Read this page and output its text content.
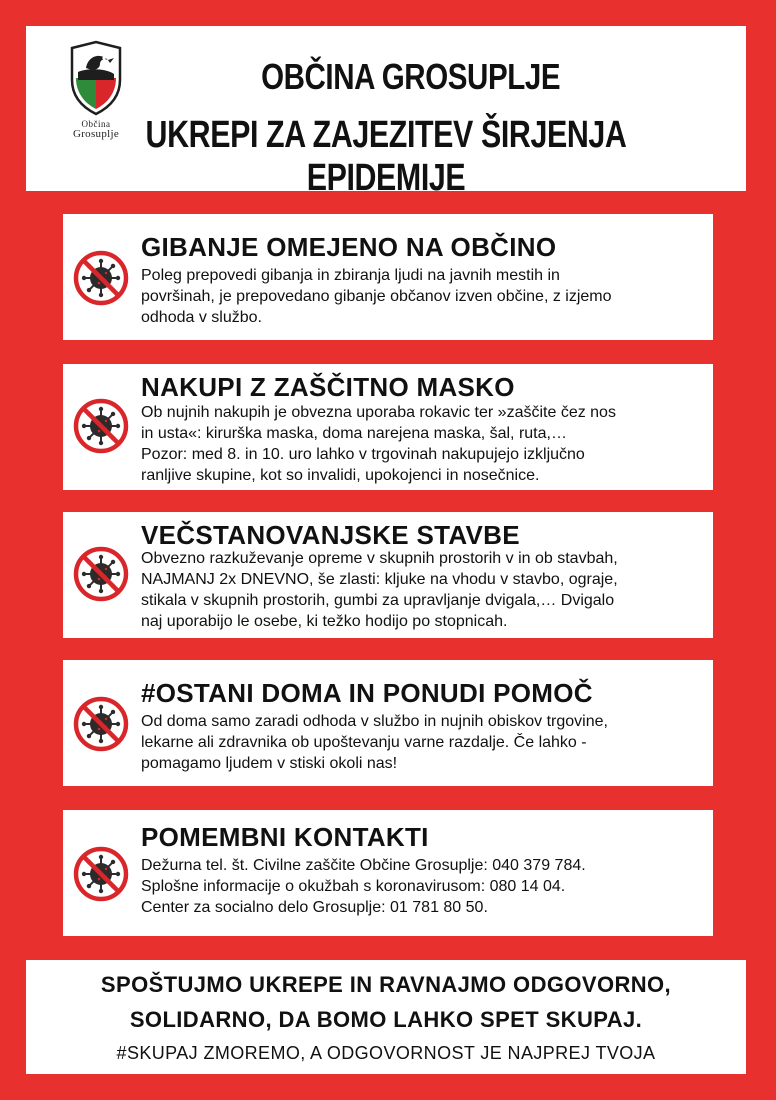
Občina
Grosuplje
OBČINA GROSUPLJE
UKREPI ZA ZAJEZITEV ŠIRJENJA EPIDEMIJE
GIBANJE OMEJENO NA OBČINO
Poleg prepovedi gibanja in zbiranja ljudi na javnih mestih in
površinah, je prepovedano gibanje občanov izven občine, z izjemo
odhoda v službo.
NAKUPI Z ZAŠČITNO MASKO
Ob nujnih nakupih je obvezna uporaba rokavic ter »zaščite čez nos
in usta«: kirurška maska, doma narejena maska, šal, ruta,…
Pozor: med 8. in 10. uro lahko v trgovinah nakupujejo izključno
ranljive skupine, kot so invalidi, upokojenci in nosečnice.
VEČSTANOVANJSKE STAVBE
Obvezno razkuževanje opreme v skupnih prostorih v in ob stavbah,
NAJMANJ 2x DNEVNO, še zlasti: kljuke na vhodu v stavbo, ograje,
stikala v skupnih prostorih, gumbi za upravljanje dvigala,… Dvigalo
naj uporabijo le osebe, ki težko hodijo po stopnicah.
#OSTANI DOMA IN PONUDI POMOČ
Od doma samo zaradi odhoda v službo in nujnih obiskov trgovine,
lekarne ali zdravnika ob upoštevanju varne razdalje. Če lahko -
pomagamo ljudem v stiski okoli nas!
POMEMBNI KONTAKTI
Dežurna tel. št. Civilne zaščite Občine Grosuplje: 040 379 784.
Splošne informacije o okužbah s koronavirusom: 080 14 04.
Center za socialno delo Grosuplje: 01 781 80 50.
SPOŠTUJMO UKREPE IN RAVNAJMO ODGOVORNO,
SOLIDARNO, DA BOMO LAHKO SPET SKUPAJ.
#SKUPAJ ZMOREMO, A ODGOVORNOST JE NAJPREJ TVOJA
